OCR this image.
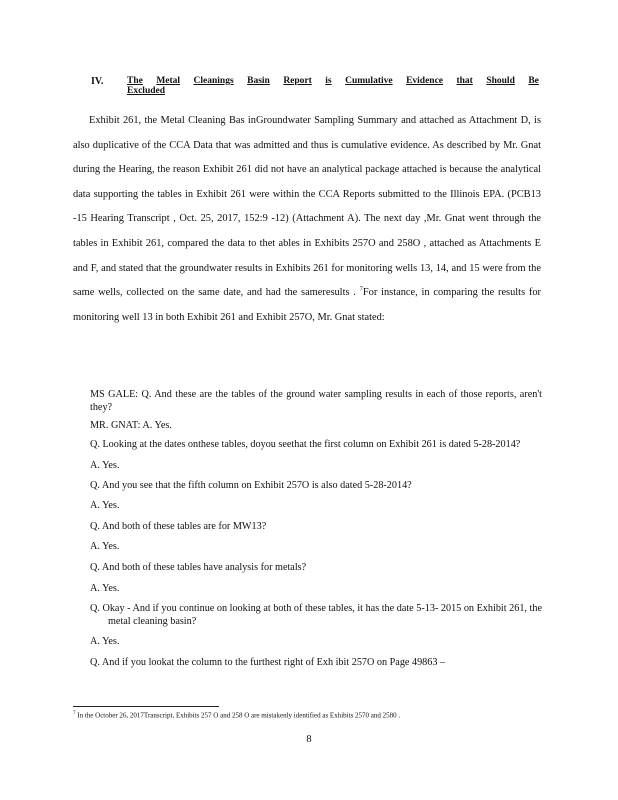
IV. The Metal Cleanings Basin Report is Cumulative Evidence that Should Be
Excluded

Exhibit 261, the Metal Cleaning Bas inGroundwater Sampling Summary and attached as Attachment D, is also duplicative of the CCA Data that was admitted and thus is cumulative evidence. As described by Mr. Gnat during the Hearing, the reason Exhibit 261 did not have an analytical package attached is because the analytical data supporting the tables in Exhibit 261 were within the CCA Reports submitted to the Illinois EPA. (PCB13 -15 Hearing Transcript , Oct. 25, 2017, 152:9 -12) (Attachment A). The next day ,Mr. Gnat went through the tables in Exhibit 261, compared the data to thet ables in Exhibits 257O and 258O , attached as Attachments E and F, and stated that the groundwater results in Exhibits 261 for monitoring wells 13, 14, and 15 were from the same wells, collected on the same date, and had the sameresults . $^7$For instance, in comparing the results for monitoring well 13 in both Exhibit 261 and Exhibit 257O, Mr. Gnat stated:

MS GALE: Q. And these are the tables of the ground water sampling results in each of those reports, aren't they?

MR. GNAT: A. Yes.

Q. Looking at the dates onthese tables, doyou seethat the first column on Exhibit 261 is dated 5-28-2014?

A. Yes.

Q. And you see that the fifth column on Exhibit 257O is also dated 5-28-2014?

A. Yes.

Q. And both of these tables are for MW13?

A. Yes.

Q. And both of these tables have analysis for metals?

A. Yes.

Q. Okay - And if you continue on looking at both of these tables, it has the date 5-13- 2015 on Exhibit 261, the metal cleaning basin?

A. Yes.

Q. And if you lookat the column to the furthest right of Exh ibit 257O on Page 49863 –

$^7$ In the October 26, 2017Transcript, Exhibits 257 O and 258 O are mistakenly identified as Exhibits 2570 and 2580 .
8
